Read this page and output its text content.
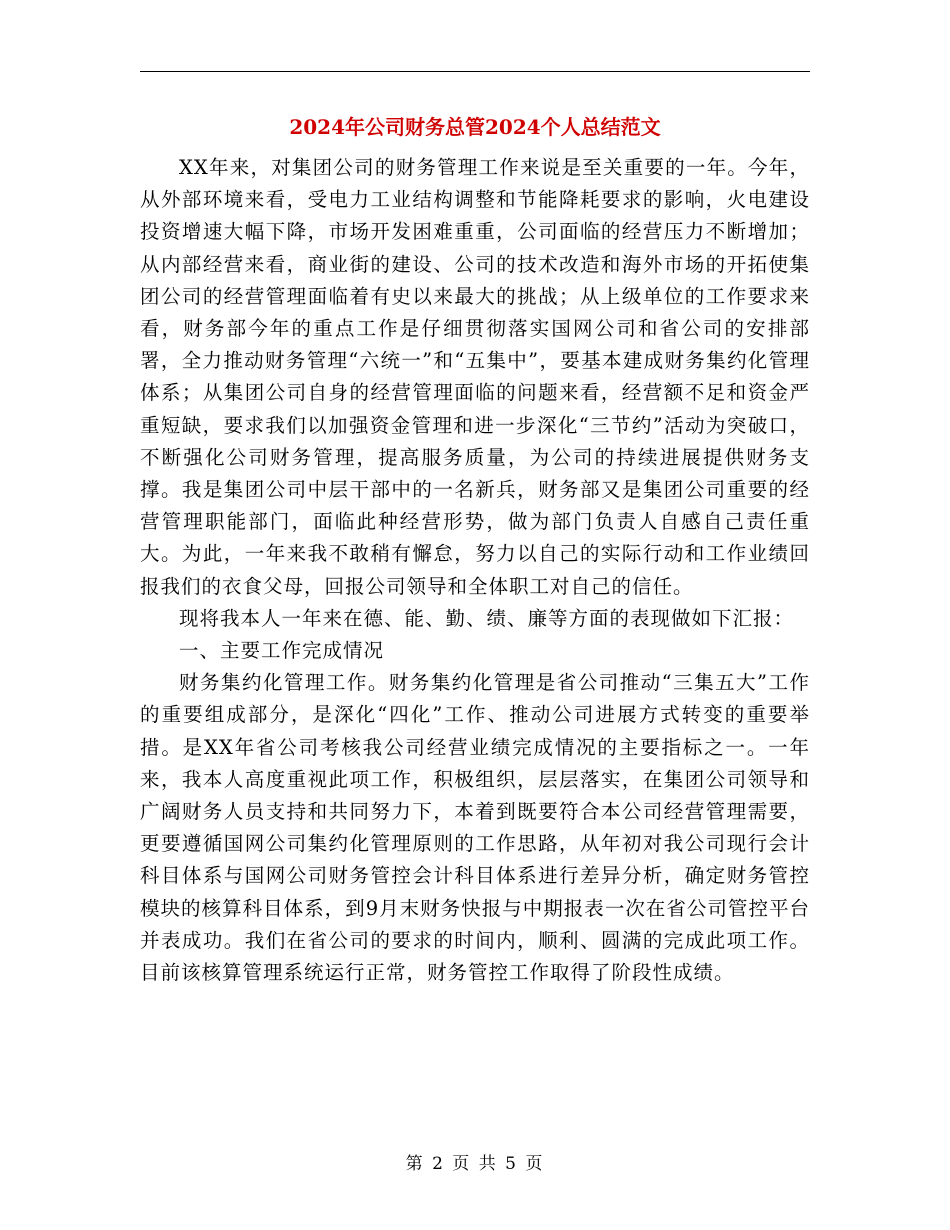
2024年公司财务总管2024个人总结范文

XX年来，对集团公司的财务管理工作来说是至关重要的一年。今年，从外部环境来看，受电力工业结构调整和节能降耗要求的影响，火电建设投资增速大幅下降，市场开发困难重重，公司面临的经营压力不断增加；从内部经营来看，商业街的建设、公司的技术改造和海外市场的开拓使集团公司的经营管理面临着有史以来最大的挑战；从上级单位的工作要求来看，财务部今年的重点工作是仔细贯彻落实国网公司和省公司的安排部署，全力推动财务管理“六统一”和“五集中”，要基本建成财务集约化管理体系；从集团公司自身的经营管理面临的问题来看，经营额不足和资金严重短缺，要求我们以加强资金管理和进一步深化“三节约”活动为突破口，不断强化公司财务管理，提高服务质量，为公司的持续进展提供财务支撑。我是集团公司中层干部中的一名新兵，财务部又是集团公司重要的经营管理职能部门，面临此种经营形势，做为部门负责人自感自己责任重大。为此，一年来我不敢稍有懈怠，努力以自己的实际行动和工作业绩回报我们的衣食父母，回报公司领导和全体职工对自己的信任。

现将我本人一年来在德、能、勤、绩、廉等方面的表现做如下汇报：

一、主要工作完成情况

财务集约化管理工作。财务集约化管理是省公司推动“三集五大”工作的重要组成部分，是深化“四化”工作、推动公司进展方式转变的重要举措。是XX年省公司考核我公司经营业绩完成情况的主要指标之一。一年来，我本人高度重视此项工作，积极组织，层层落实，在集团公司领导和广阔财务人员支持和共同努力下，本着到既要符合本公司经营管理需要，更要遵循国网公司集约化管理原则的工作思路，从年初对我公司现行会计科目体系与国网公司财务管控会计科目体系进行差异分析，确定财务管控模块的核算科目体系，到9月末财务快报与中期报表一次在省公司管控平台并表成功。我们在省公司的要求的时间内，顺利、圆满的完成此项工作。目前该核算管理系统运行正常，财务管控工作取得了阶段性成绩。

第 2 页 共 5 页
